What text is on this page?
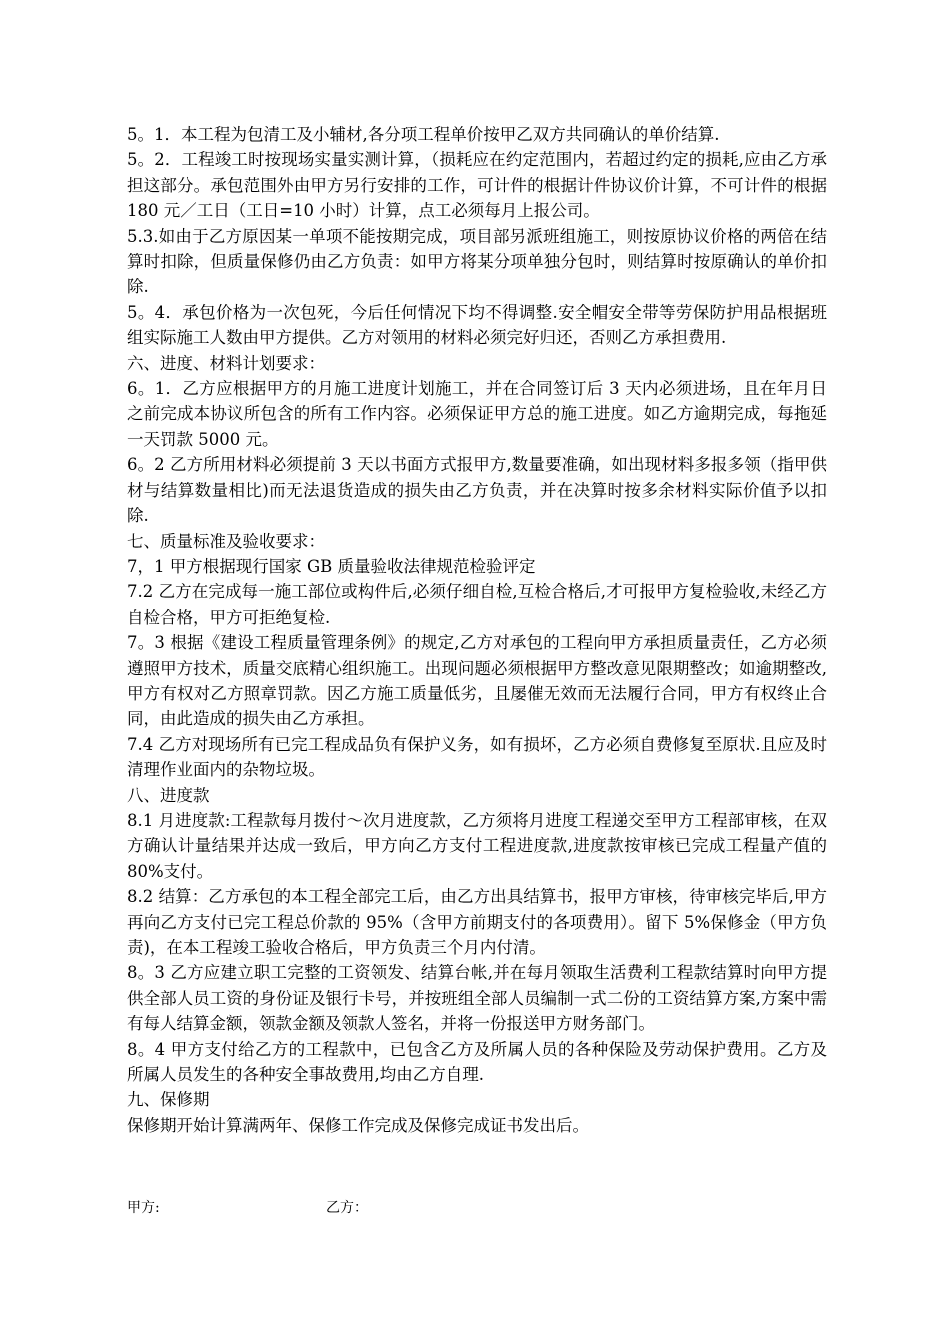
5。1．本工程为包清工及小辅材,各分项工程单价按甲乙双方共同确认的单价结算.

5。2．工程竣工时按现场实量实测计算，（损耗应在约定范围内，若超过约定的损耗,应由乙方承担这部分。承包范围外由甲方另行安排的工作，可计件的根据计件协议价计算，不可计件的根据 180 元／工日（工日=10 小时）计算，点工必须每月上报公司。

5.3.如由于乙方原因某一单项不能按期完成，项目部另派班组施工，则按原协议价格的两倍在结算时扣除，但质量保修仍由乙方负责：如甲方将某分项单独分包时，则结算时按原确认的单价扣除.

5。4．承包价格为一次包死，今后任何情况下均不得调整.安全帽安全带等劳保防护用品根据班组实际施工人数由甲方提供。乙方对领用的材料必须完好归还，否则乙方承担费用.

六、进度、材料计划要求：

6。1．乙方应根据甲方的月施工进度计划施工，并在合同签订后 3 天内必须进场，且在年月日之前完成本协议所包含的所有工作内容。必须保证甲方总的施工进度。如乙方逾期完成，每拖延一天罚款 5000 元。

6。2 乙方所用材料必须提前 3 天以书面方式报甲方,数量要准确，如出现材料多报多领（指甲供材与结算数量相比)而无法退货造成的损失由乙方负责，并在决算时按多余材料实际价值予以扣除.

七、质量标准及验收要求：

7，1 甲方根据现行国家 GB 质量验收法律规范检验评定

7.2 乙方在完成每一施工部位或构件后,必须仔细自检,互检合格后,才可报甲方复检验收,未经乙方自检合格，甲方可拒绝复检.

7。3 根据《建设工程质量管理条例》的规定,乙方对承包的工程向甲方承担质量责任，乙方必须遵照甲方技术，质量交底精心组织施工。出现问题必须根据甲方整改意见限期整改；如逾期整改,甲方有权对乙方照章罚款。因乙方施工质量低劣，且屡催无效而无法履行合同，甲方有权终止合同，由此造成的损失由乙方承担。

7.4 乙方对现场所有已完工程成品负有保护义务，如有损坏，乙方必须自费修复至原状.且应及时清理作业面内的杂物垃圾。

八、进度款

8.1 月进度款:工程款每月拨付～次月进度款，乙方须将月进度工程递交至甲方工程部审核，在双方确认计量结果并达成一致后，甲方向乙方支付工程进度款,进度款按审核已完成工程量产值的 80%支付。

8.2 结算：乙方承包的本工程全部完工后，由乙方出具结算书，报甲方审核，待审核完毕后,甲方再向乙方支付已完工程总价款的 95%（含甲方前期支付的各项费用）。留下 5%保修金（甲方负责)，在本工程竣工验收合格后，甲方负责三个月内付清。

8。3 乙方应建立职工完整的工资领发、结算台帐,并在每月领取生活费利工程款结算时向甲方提供全部人员工资的身份证及银行卡号，并按班组全部人员编制一式二份的工资结算方案,方案中需有每人结算金额，领款金额及领款人签名，并将一份报送甲方财务部门。

8。4 甲方支付给乙方的工程款中，已包含乙方及所属人员的各种保险及劳动保护费用。乙方及所属人员发生的各种安全事故费用,均由乙方自理.

九、保修期

保修期开始计算满两年、保修工作完成及保修完成证书发出后。

甲方:	乙方：
